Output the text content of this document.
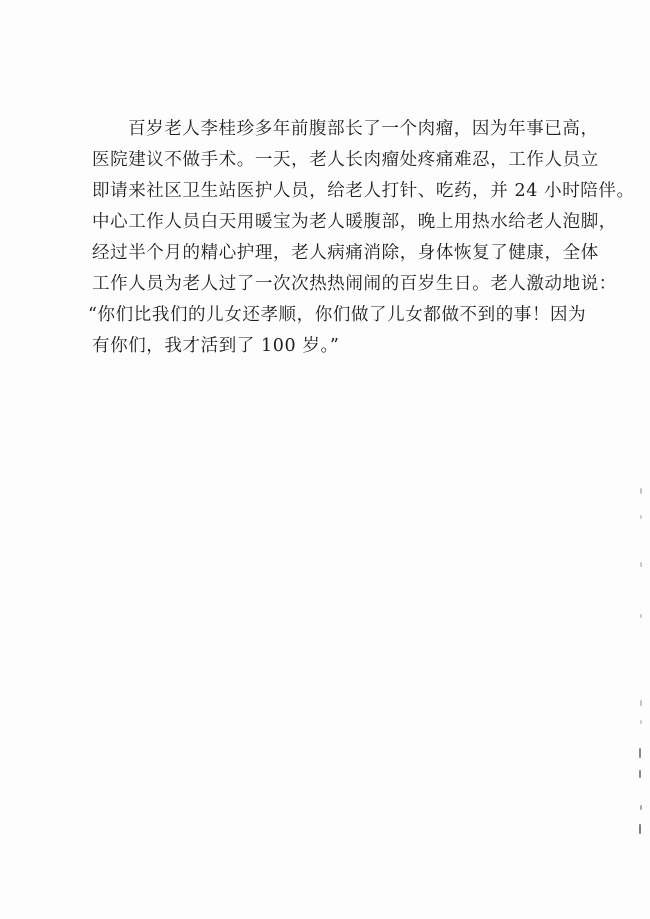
百岁老人李桂珍多年前腹部长了一个肉瘤，因为年事已高，
医院建议不做手术。一天，老人长肉瘤处疼痛难忍，工作人员立
即请来社区卫生站医护人员，给老人打针、吃药，并 24 小时陪伴。
中心工作人员白天用暖宝为老人暖腹部，晚上用热水给老人泡脚，
经过半个月的精心护理，老人病痛消除，身体恢复了健康，全体
工作人员为老人过了一次次热热闹闹的百岁生日。老人激动地说：
“你们比我们的儿女还孝顺，你们做了儿女都做不到的事！因为
有你们，我才活到了 100 岁。”
